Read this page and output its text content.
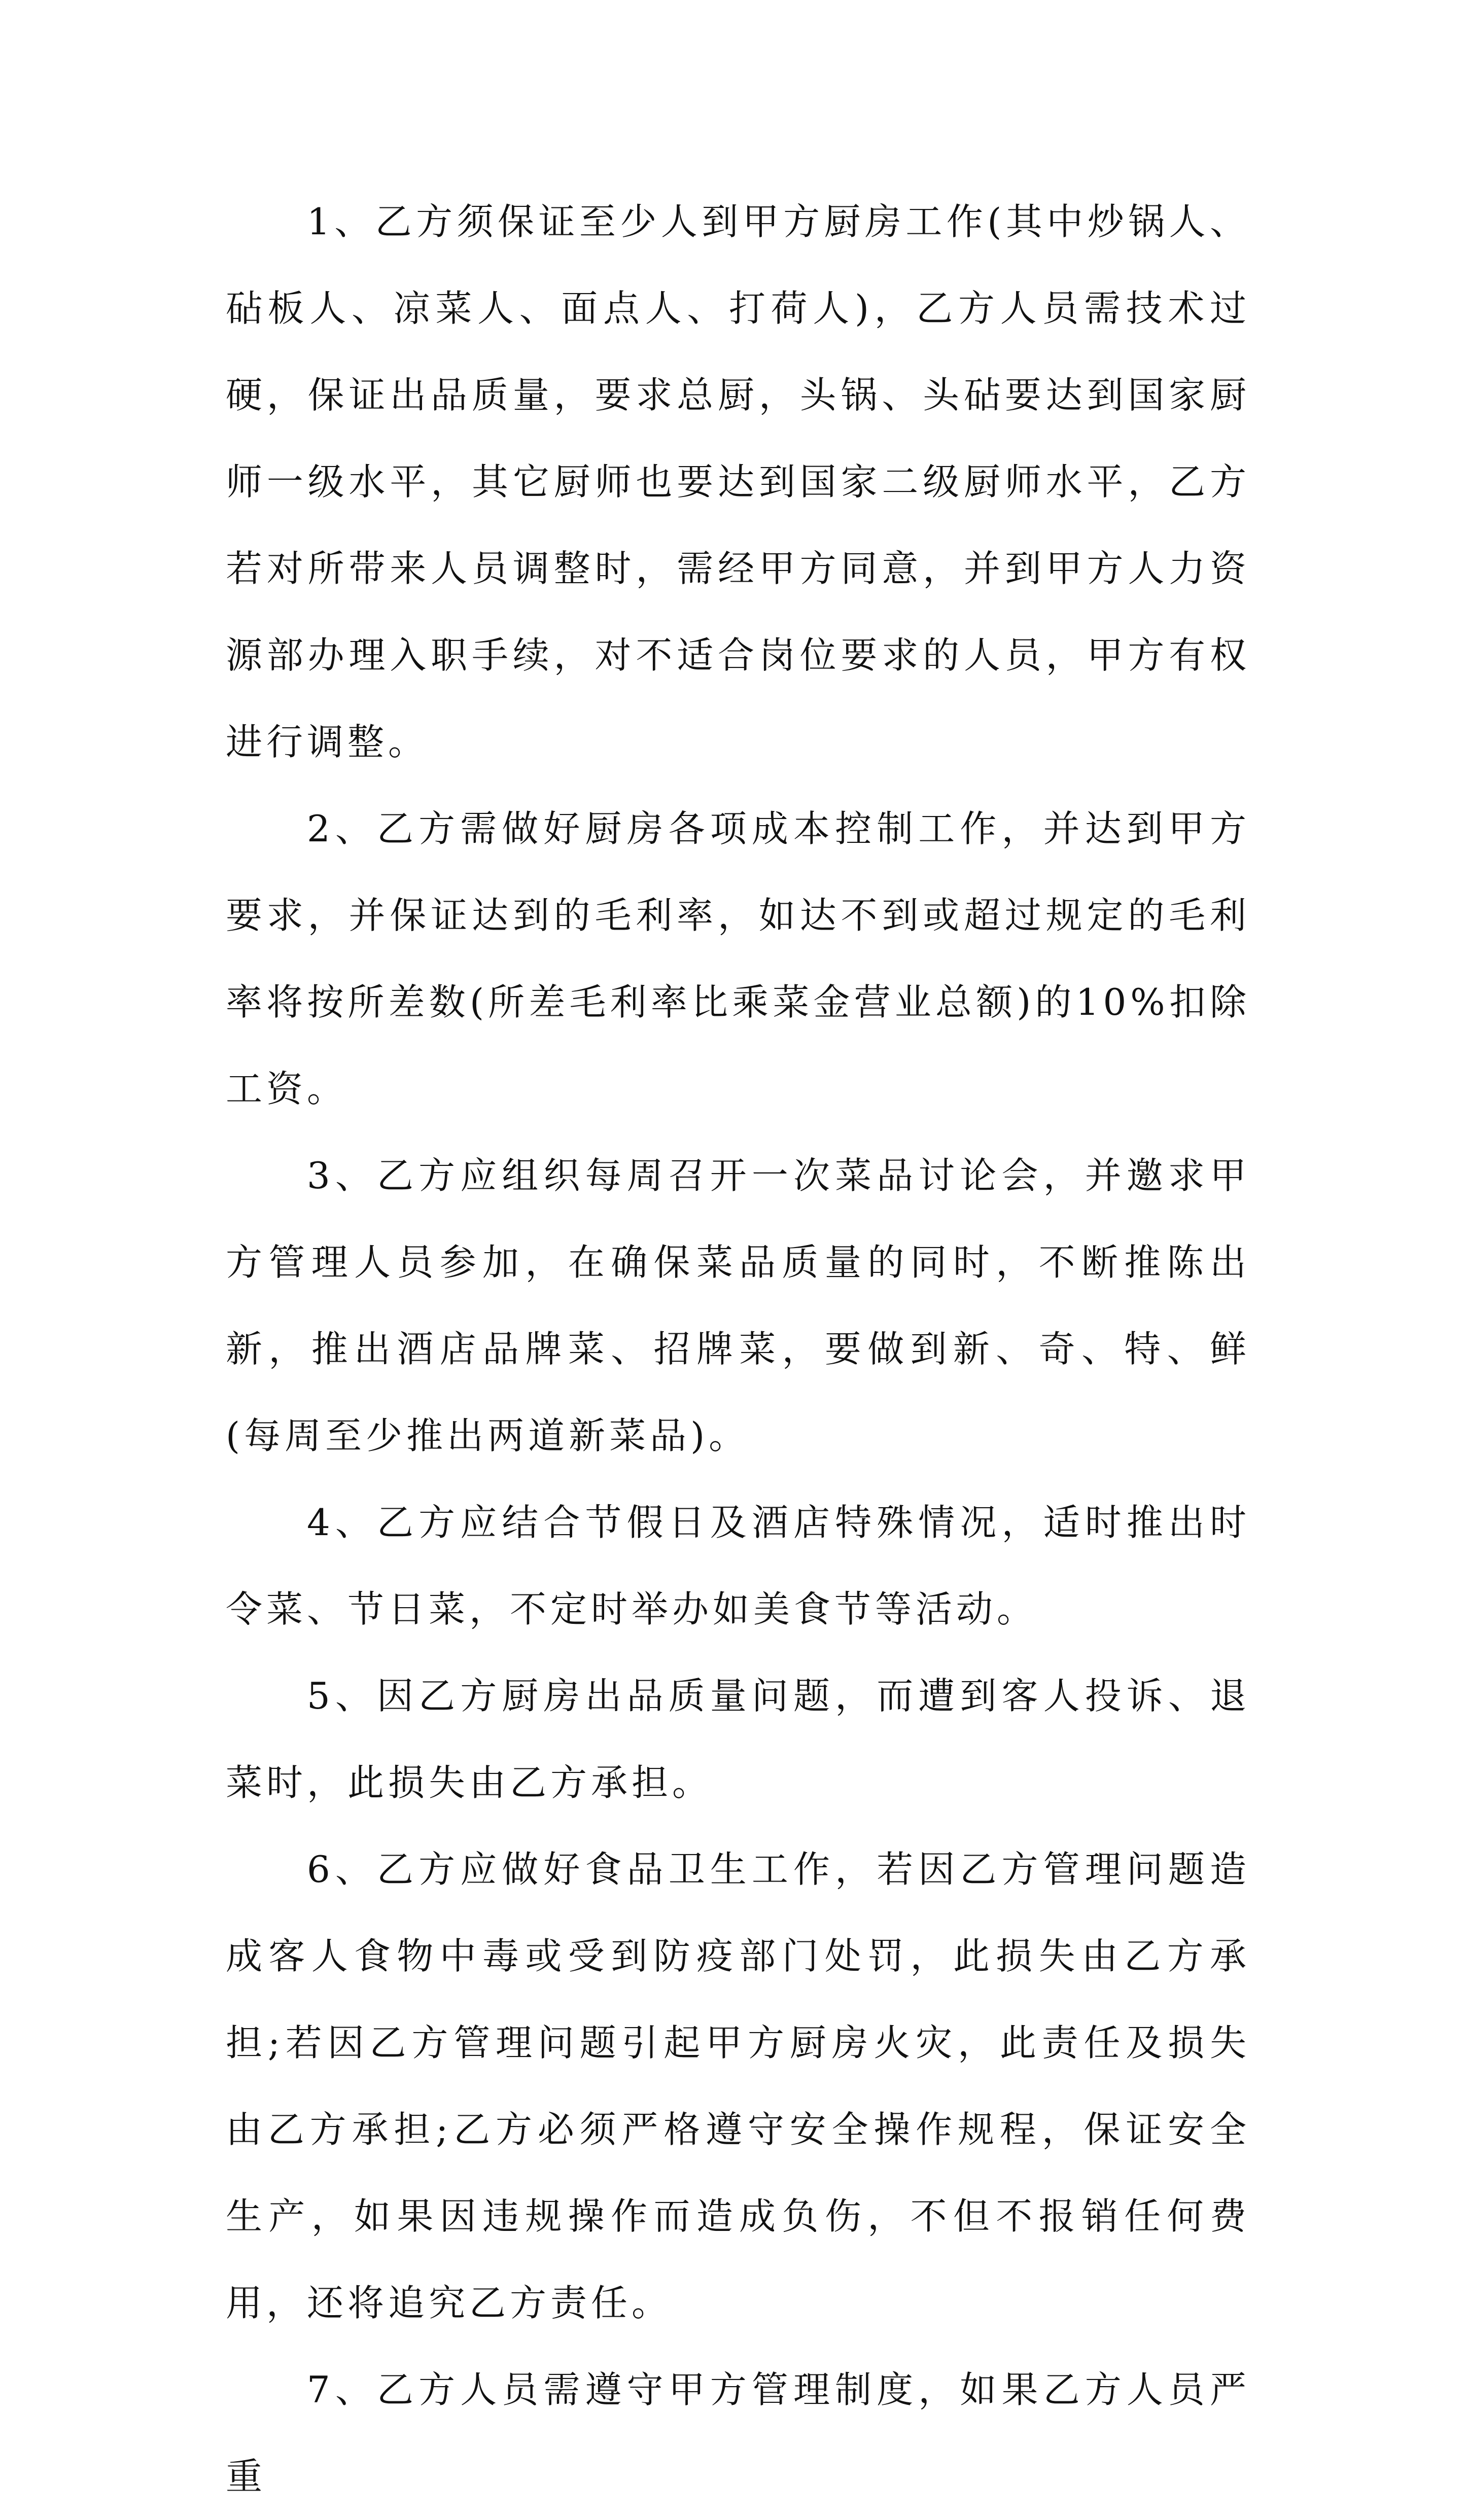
1、乙方须保证至少人到甲方厨房工作(其中炒锅人、砧板人、凉菜人、面点人、打荷人)，乙方人员需技术过硬，保证出品质量，要求总厨，头锅、头砧要达到国家厨师一级水平，其它厨师也要达到国家二级厨师水平，乙方若对所带来人员调整时，需经甲方同意，并到甲方人力资源部办理入职手续，对不适合岗位要求的人员，甲方有权进行调整。

2、乙方需做好厨房各项成本控制工作，并达到甲方要求，并保证达到的毛利率，如达不到或超过规定的毛利率将按所差数(所差毛利率比乘菜金营业总额)的10%扣除工资。

3、乙方应组织每周召开一次菜品讨论会，并邀求甲方管理人员参加，在确保菜品质量的同时，不断推陈出新，推出酒店品牌菜、招牌菜，要做到新、奇、特、鲜(每周至少推出两道新菜品)。

4、乙方应结合节假日及酒店特殊情况，适时推出时令菜、节日菜，不定时举办如美食节等活动。

5、因乙方厨房出品质量问题，而遭到客人投诉、退菜时，此损失由乙方承担。

6、乙方应做好食品卫生工作，若因乙方管理问题造成客人食物中毒或受到防疫部门处罚，此损失由乙方承担;若因乙方管理问题引起甲方厨房火灾，此责任及损失由乙方承担;乙方必须严格遵守安全操作规程，保证安全生产，如果因违规操作而造成负伤，不但不报销任何费用，还将追究乙方责任。

7、乙方人员需遵守甲方管理制度，如果乙方人员严重
